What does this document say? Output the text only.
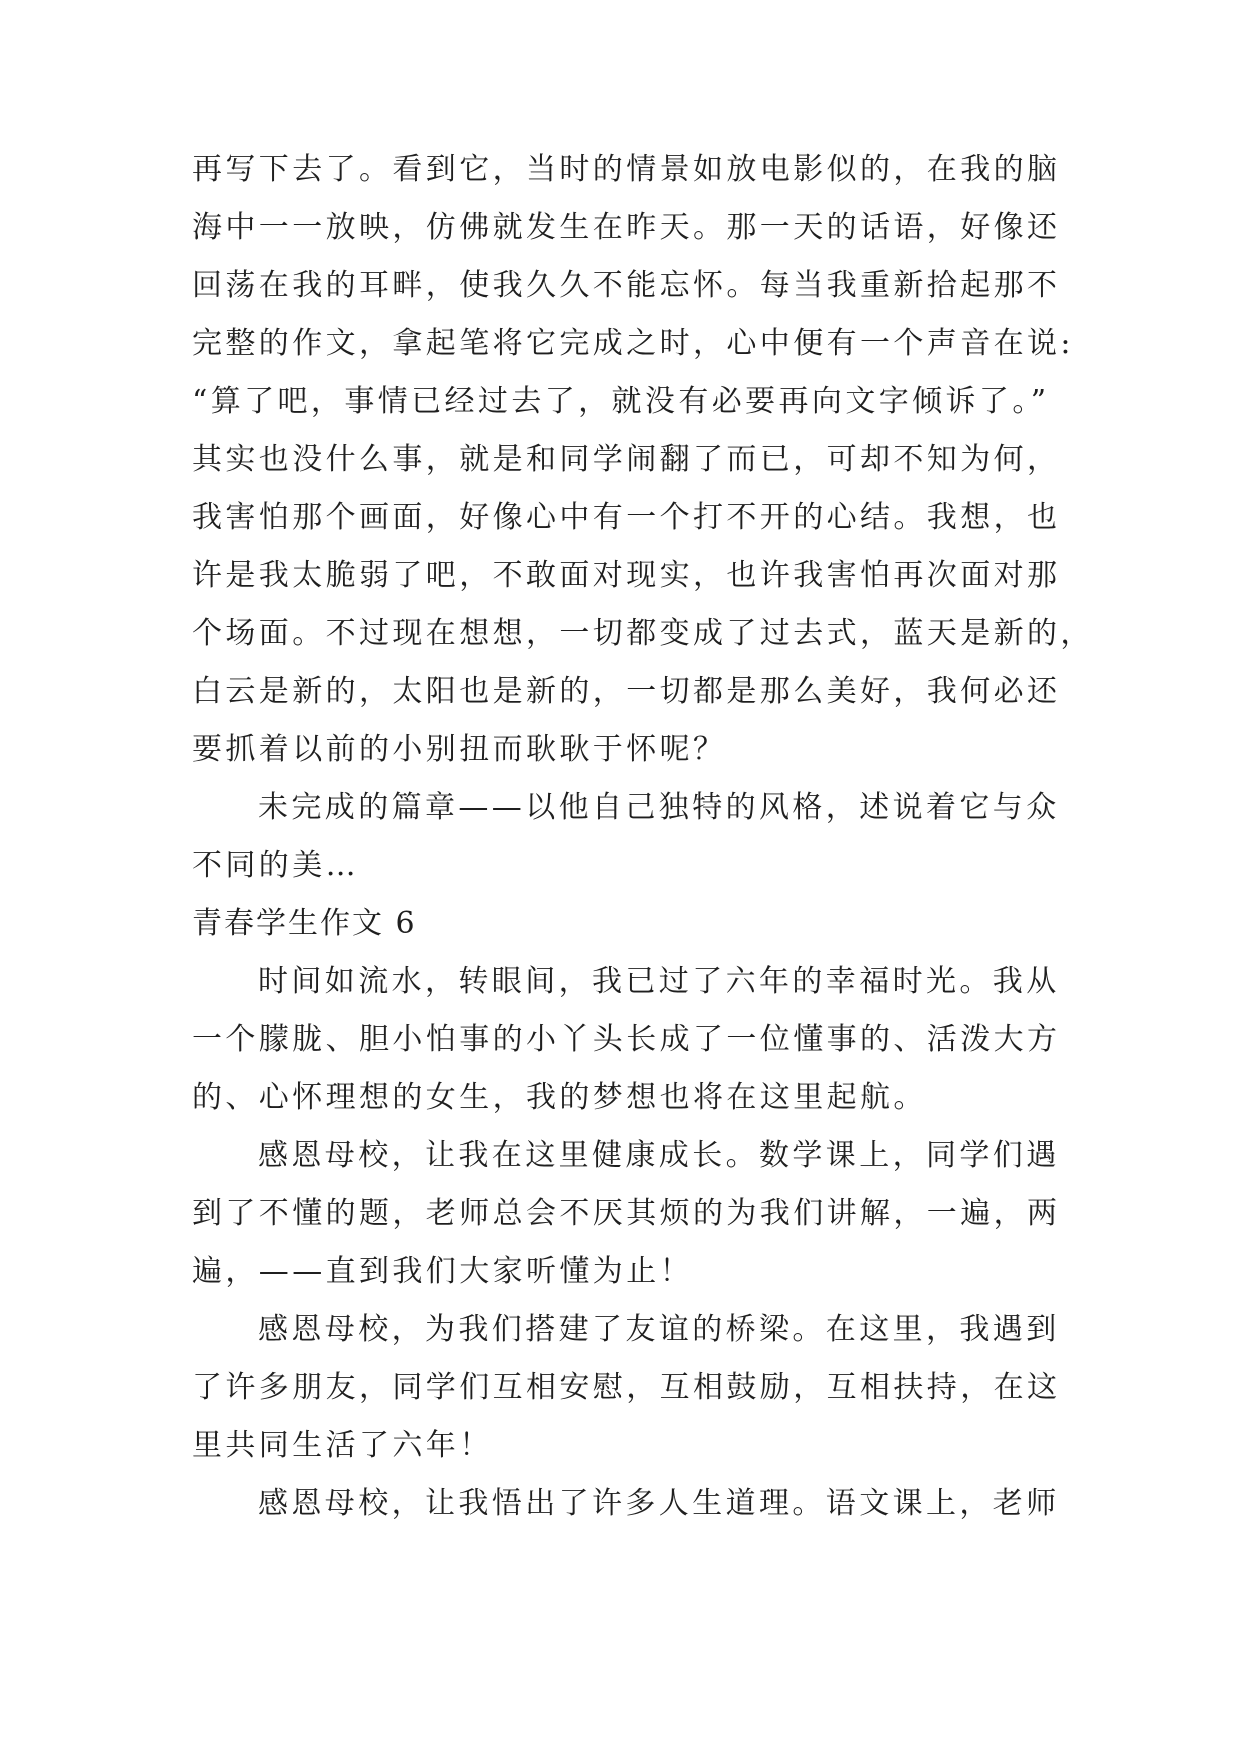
再写下去了。看到它，当时的情景如放电影似的，在我的脑
海中一一放映，仿佛就发生在昨天。那一天的话语，好像还
回荡在我的耳畔，使我久久不能忘怀。每当我重新拾起那不
完整的作文，拿起笔将它完成之时，心中便有一个声音在说:
“算了吧，事情已经过去了，就没有必要再向文字倾诉了。”
其实也没什么事，就是和同学闹翻了而已，可却不知为何，
我害怕那个画面，好像心中有一个打不开的心结。我想，也
许是我太脆弱了吧，不敢面对现实，也许我害怕再次面对那
个场面。不过现在想想，一切都变成了过去式，蓝天是新的，
白云是新的，太阳也是新的，一切都是那么美好，我何必还
要抓着以前的小别扭而耿耿于怀呢？
未完成的篇章——以他自己独特的风格，述说着它与众
不同的美…
青春学生作文 6
时间如流水，转眼间，我已过了六年的幸福时光。我从
一个朦胧、胆小怕事的小丫头长成了一位懂事的、活泼大方
的、心怀理想的女生，我的梦想也将在这里起航。
感恩母校，让我在这里健康成长。数学课上，同学们遇
到了不懂的题，老师总会不厌其烦的为我们讲解，一遍，两
遍，——直到我们大家听懂为止！
感恩母校，为我们搭建了友谊的桥梁。在这里，我遇到
了许多朋友，同学们互相安慰，互相鼓励，互相扶持，在这
里共同生活了六年！
感恩母校，让我悟出了许多人生道理。语文课上，老师
